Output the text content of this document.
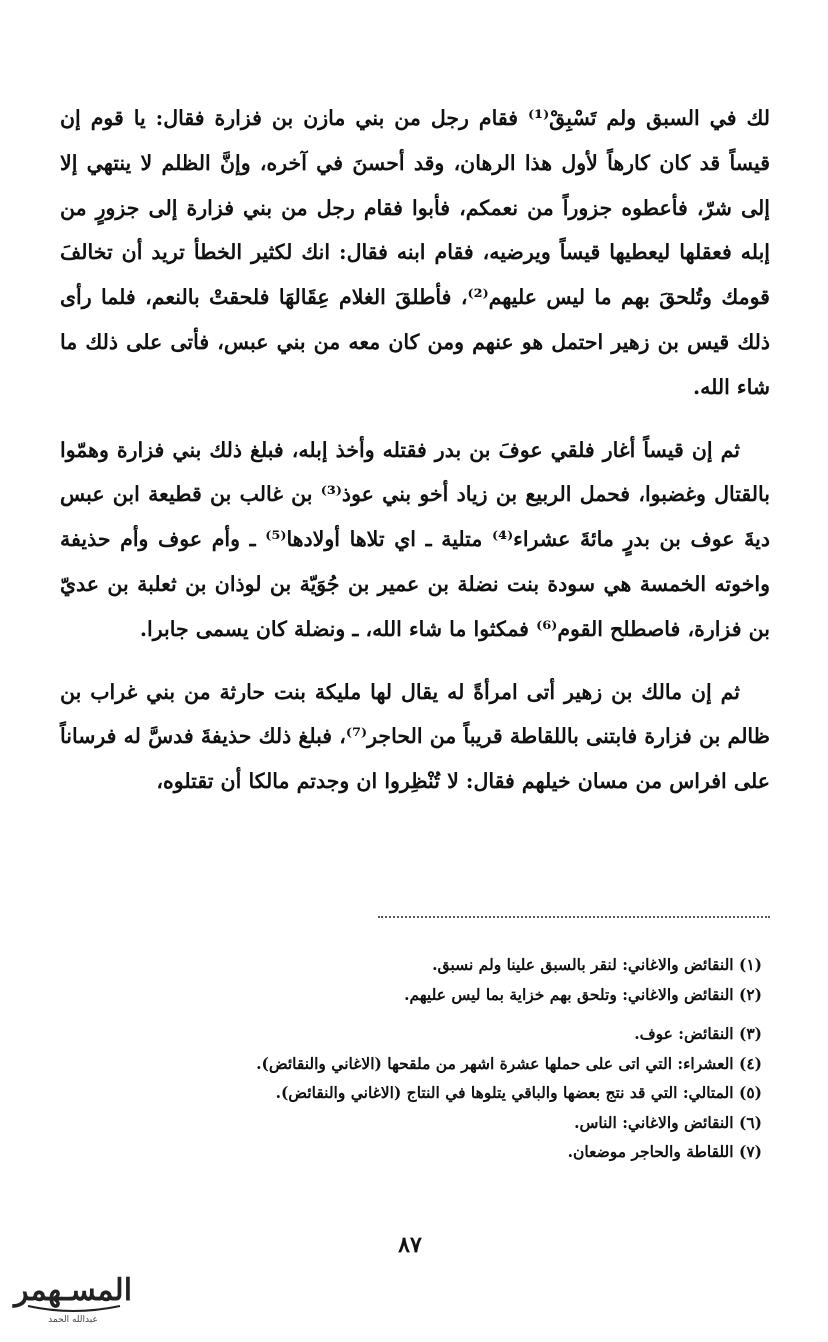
لك في السبق ولم تَسْبِقْ⁽¹⁾ فقام رجل من بني مازن بن فزارة فقال: يا قوم إن قيساً قد كان كارهاً لأول هذا الرهان، وقد أحسنَ في آخره، وإنَّ الظلم لا ينتهي إلا إلى شرّ، فأعطوه جزوراً من نعمكم، فأبوا فقام رجل من بني فزارة إلى جزورٍ من إبله فعقلها ليعطيها قيساً ويرضيه، فقام ابنه فقال: انك لكثير الخطأ تريد أن تخالفَ قومك وتُلحقَ بهم ما ليس عليهم⁽²⁾، فأطلقَ الغلام عِقَالهَا فلحقتْ بالنعم، فلما رأى ذلك قيس بن زهير احتمل هو عنهم ومن كان معه من بني عبس، فأتى على ذلك ما شاء الله.

ثم إن قيساً أغار فلقي عوفَ بن بدر فقتله وأخذ إبله، فبلغ ذلك بني فزارة وهمّوا بالقتال وغضبوا، فحمل الربيع بن زياد أخو بني عوذ⁽³⁾ بن غالب بن قطيعة ابن عبس ديةَ عوف بن بدرٍ مائةَ عشراء⁽⁴⁾ متلية ـ اي تلاها أولادها⁽⁵⁾ ـ وأم عوف وأم حذيفة واخوته الخمسة هي سودة بنت نضلة بن عمير بن جُوَيّة بن لوذان بن ثعلبة بن عديّ بن فزارة، فاصطلح القوم⁽⁶⁾ فمكثوا ما شاء الله، ـ ونضلة كان يسمى جابرا.

ثم إن مالك بن زهير أتى امرأةً له يقال لها مليكة بنت حارثة من بني غراب بن ظالم بن فزارة فابتنى باللقاطة قريباً من الحاجر⁽⁷⁾، فبلغ ذلك حذيفةَ فدسَّ له فرساناً على افراس من مسان خيلهم فقال: لا تُنْظِروا ان وجدتم مالكا أن تقتلوه،

(١) النقائض والاغاني: لنقر بالسبق علينا ولم نسبق.
(٢) النقائض والاغاني: وتلحق بهم خزاية بما ليس عليهم.
(٣) النقائض: عوف.
(٤) العشراء: التي اتى على حملها عشرة اشهر من ملقحها (الاغاني والنقائض).
(٥) المتالي: التي قد نتج بعضها والباقي يتلوها في النتاج (الاغاني والنقائض).
(٦) النقائض والاغاني: الناس.
(٧) اللقاطة والحاجر موضعان.
٨٧
المسـهمر
عبدالله الحمد
